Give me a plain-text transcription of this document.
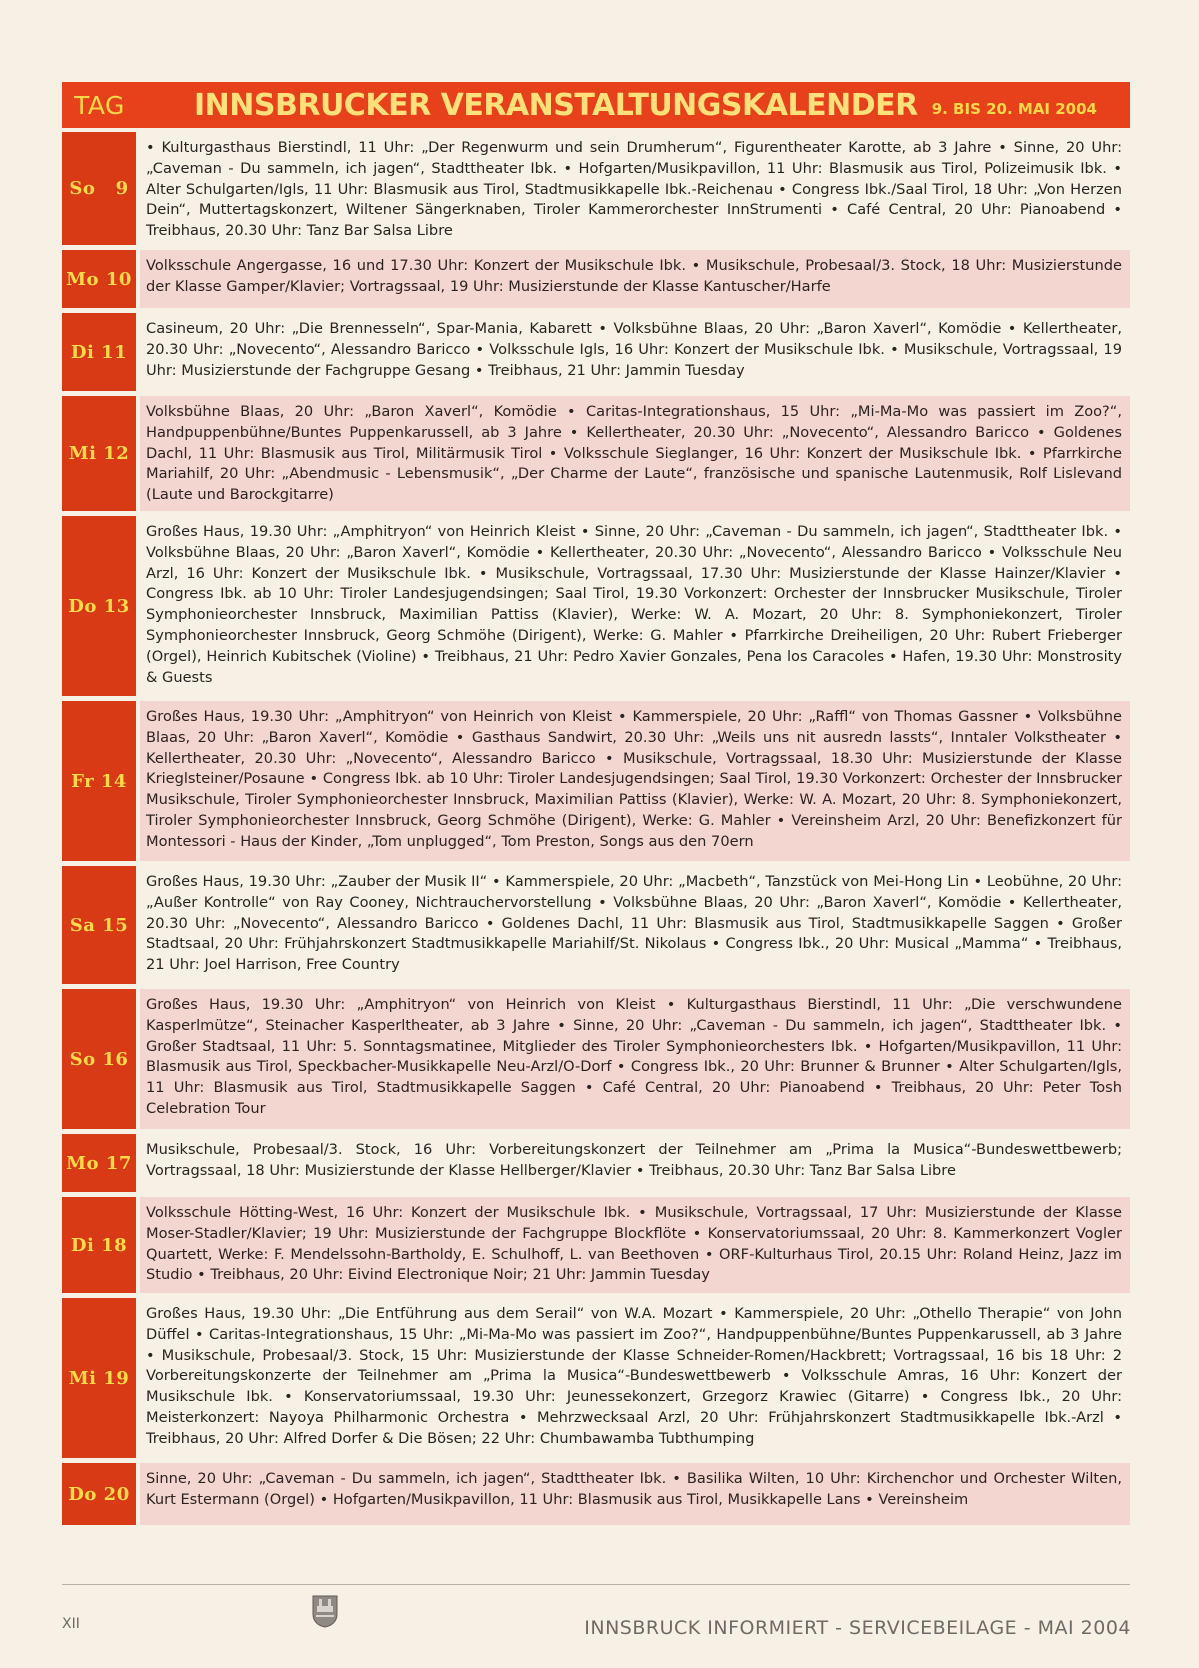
TAG	INNSBRUCKER VERANSTALTUNGSKALENDER 9. BIS 20. MAI 2004
So   9
• Kulturgasthaus Bierstindl, 11 Uhr: „Der Regenwurm und sein Drumherum“, Figurentheater Karotte, ab 3 Jahre • Sinne, 20 Uhr: „Caveman - Du sammeln, ich jagen“, Stadttheater Ibk. • Hofgarten/Musikpavillon, 11 Uhr: Blasmusik aus Tirol, Polizeimusik Ibk. • Alter Schulgarten/Igls, 11 Uhr: Blasmusik aus Tirol, Stadtmusikkapelle Ibk.-Reichenau • Congress Ibk./Saal Tirol, 18 Uhr: „Von Herzen Dein“, Muttertagskonzert, Wiltener Sängerknaben, Tiroler Kammerorchester InnStrumenti • Café Central, 20 Uhr: Pianoabend • Treibhaus, 20.30 Uhr: Tanz Bar Salsa Libre
Mo 10
Volksschule Angergasse, 16 und 17.30 Uhr: Konzert der Musikschule Ibk. • Musikschule, Probesaal/3. Stock, 18 Uhr: Musizierstunde der Klasse Gamper/Klavier; Vortragssaal, 19 Uhr: Musizierstunde der Klasse Kantuscher/Harfe
Di 11
Casineum, 20 Uhr: „Die Brennesseln“, Spar-Mania, Kabarett • Volksbühne Blaas, 20 Uhr: „Baron Xaverl“, Komödie • Kellertheater, 20.30 Uhr: „Novecento“, Alessandro Baricco • Volksschule Igls, 16 Uhr: Konzert der Musikschule Ibk. • Musikschule, Vortragssaal, 19 Uhr: Musizierstunde der Fachgruppe Gesang • Treibhaus, 21 Uhr: Jammin Tuesday
Mi 12
Volksbühne Blaas, 20 Uhr: „Baron Xaverl“, Komödie • Caritas-Integrationshaus, 15 Uhr: „Mi-Ma-Mo was passiert im Zoo?“, Handpuppenbühne/Buntes Puppenkarussell, ab 3 Jahre • Kellertheater, 20.30 Uhr: „Novecento“, Alessandro Baricco • Goldenes Dachl, 11 Uhr: Blasmusik aus Tirol, Militärmusik Tirol • Volksschule Sieglanger, 16 Uhr: Konzert der Musikschule Ibk. • Pfarrkirche Mariahilf, 20 Uhr: „Abendmusic - Lebensmusik“, „Der Charme der Laute“, französische und spanische Lautenmusik, Rolf Lislevand (Laute und Barockgitarre)
Do 13
Großes Haus, 19.30 Uhr: „Amphitryon“ von Heinrich Kleist • Sinne, 20 Uhr: „Caveman - Du sammeln, ich jagen“, Stadttheater Ibk. • Volksbühne Blaas, 20 Uhr: „Baron Xaverl“, Komödie • Kellertheater, 20.30 Uhr: „Novecento“, Alessandro Baricco • Volksschule Neu Arzl, 16 Uhr: Konzert der Musikschule Ibk. • Musikschule, Vortragssaal, 17.30 Uhr: Musizierstunde der Klasse Hainzer/Klavier • Congress Ibk. ab 10 Uhr: Tiroler Landesjugendsingen; Saal Tirol, 19.30 Vorkonzert: Orchester der Innsbrucker Musikschule, Tiroler Symphonieorchester Innsbruck, Maximilian Pattiss (Klavier), Werke: W. A. Mozart, 20 Uhr: 8. Symphoniekonzert, Tiroler Symphonieorchester Innsbruck, Georg Schmöhe (Dirigent), Werke: G. Mahler • Pfarrkirche Dreiheiligen, 20 Uhr: Rubert Frieberger (Orgel), Heinrich Kubitschek (Violine) • Treibhaus, 21 Uhr: Pedro Xavier Gonzales, Pena los Caracoles • Hafen, 19.30 Uhr: Monstrosity & Guests
Fr 14
Großes Haus, 19.30 Uhr: „Amphitryon“ von Heinrich von Kleist • Kammerspiele, 20 Uhr: „Raffl“ von Thomas Gassner • Volksbühne Blaas, 20 Uhr: „Baron Xaverl“, Komödie • Gasthaus Sandwirt, 20.30 Uhr: „Weils uns nit ausredn lassts“, Inntaler Volkstheater • Kellertheater, 20.30 Uhr: „Novecento“, Alessandro Baricco • Musikschule, Vortragssaal, 18.30 Uhr: Musizierstunde der Klasse Krieglsteiner/Posaune • Congress Ibk. ab 10 Uhr: Tiroler Landesjugendsingen; Saal Tirol, 19.30 Vorkonzert: Orchester der Innsbrucker Musikschule, Tiroler Symphonieorchester Innsbruck, Maximilian Pattiss (Klavier), Werke: W. A. Mozart, 20 Uhr: 8. Symphoniekonzert, Tiroler Symphonieorchester Innsbruck, Georg Schmöhe (Dirigent), Werke: G. Mahler • Vereinsheim Arzl, 20 Uhr: Benefizkonzert für Montessori - Haus der Kinder, „Tom unplugged“, Tom Preston, Songs aus den 70ern
Sa 15
Großes Haus, 19.30 Uhr: „Zauber der Musik II“ • Kammerspiele, 20 Uhr: „Macbeth“, Tanzstück von Mei-Hong Lin • Leobühne, 20 Uhr: „Außer Kontrolle“ von Ray Cooney, Nichtrauchervorstellung • Volksbühne Blaas, 20 Uhr: „Baron Xaverl“, Komödie • Kellertheater, 20.30 Uhr: „Novecento“, Alessandro Baricco • Goldenes Dachl, 11 Uhr: Blasmusik aus Tirol, Stadtmusikkapelle Saggen • Großer Stadtsaal, 20 Uhr: Frühjahrskonzert Stadtmusikkapelle Mariahilf/St. Nikolaus • Congress Ibk., 20 Uhr: Musical „Mamma“ • Treibhaus, 21 Uhr: Joel Harrison, Free Country
So 16
Großes Haus, 19.30 Uhr: „Amphitryon“ von Heinrich von Kleist • Kulturgasthaus Bierstindl, 11 Uhr: „Die verschwundene Kasperlmütze“, Steinacher Kasperltheater, ab 3 Jahre • Sinne, 20 Uhr: „Caveman - Du sammeln, ich jagen“, Stadttheater Ibk. • Großer Stadtsaal, 11 Uhr: 5. Sonntagsmatinee, Mitglieder des Tiroler Symphonieorchesters Ibk. • Hofgarten/Musikpavillon, 11 Uhr: Blasmusik aus Tirol, Speckbacher-Musikkapelle Neu-Arzl/O-Dorf • Congress Ibk., 20 Uhr: Brunner & Brunner • Alter Schulgarten/Igls, 11 Uhr: Blasmusik aus Tirol, Stadtmusikkapelle Saggen • Café Central, 20 Uhr: Pianoabend • Treibhaus, 20 Uhr: Peter Tosh Celebration Tour
Mo 17
Musikschule, Probesaal/3. Stock, 16 Uhr: Vorbereitungskonzert der Teilnehmer am „Prima la Musica“-Bundeswettbewerb; Vortragssaal, 18 Uhr: Musizierstunde der Klasse Hellberger/Klavier • Treibhaus, 20.30 Uhr: Tanz Bar Salsa Libre
Di 18
Volksschule Hötting-West, 16 Uhr: Konzert der Musikschule Ibk. • Musikschule, Vortragssaal, 17 Uhr: Musizierstunde der Klasse Moser-Stadler/Klavier; 19 Uhr: Musizierstunde der Fachgruppe Blockflöte • Konservatoriumssaal, 20 Uhr: 8. Kammerkonzert Vogler Quartett, Werke: F. Mendelssohn-Bartholdy, E. Schulhoff, L. van Beethoven • ORF-Kulturhaus Tirol, 20.15 Uhr: Roland Heinz, Jazz im Studio • Treibhaus, 20 Uhr: Eivind Electronique Noir; 21 Uhr: Jammin Tuesday
Mi 19
Großes Haus, 19.30 Uhr: „Die Entführung aus dem Serail“ von W.A. Mozart • Kammerspiele, 20 Uhr: „Othello Therapie“ von John Düffel • Caritas-Integrationshaus, 15 Uhr: „Mi-Ma-Mo was passiert im Zoo?“, Handpuppenbühne/Buntes Puppenkarussell, ab 3 Jahre • Musikschule, Probesaal/3. Stock, 15 Uhr: Musizierstunde der Klasse Schneider-Romen/Hackbrett; Vortragssaal, 16 bis 18 Uhr: 2 Vorbereitungskonzerte der Teilnehmer am „Prima la Musica“-Bundeswettbewerb • Volksschule Amras, 16 Uhr: Konzert der Musikschule Ibk. • Konservatoriumssaal, 19.30 Uhr: Jeunessekonzert, Grzegorz Krawiec (Gitarre) • Congress Ibk., 20 Uhr: Meisterkonzert: Nayoya Philharmonic Orchestra • Mehrzwecksaal Arzl, 20 Uhr: Frühjahrskonzert Stadtmusikkapelle Ibk.-Arzl • Treibhaus, 20 Uhr: Alfred Dorfer & Die Bösen; 22 Uhr: Chumbawamba Tubthumping
Do 20
Sinne, 20 Uhr: „Caveman - Du sammeln, ich jagen“, Stadttheater Ibk. • Basilika Wilten, 10 Uhr: Kirchenchor und Orchester Wilten, Kurt Estermann (Orgel) • Hofgarten/Musikpavillon, 11 Uhr: Blasmusik aus Tirol, Musikkapelle Lans • Vereinsheim
XII	INNSBRUCK INFORMIERT - SERVICEBEILAGE - MAI 2004
